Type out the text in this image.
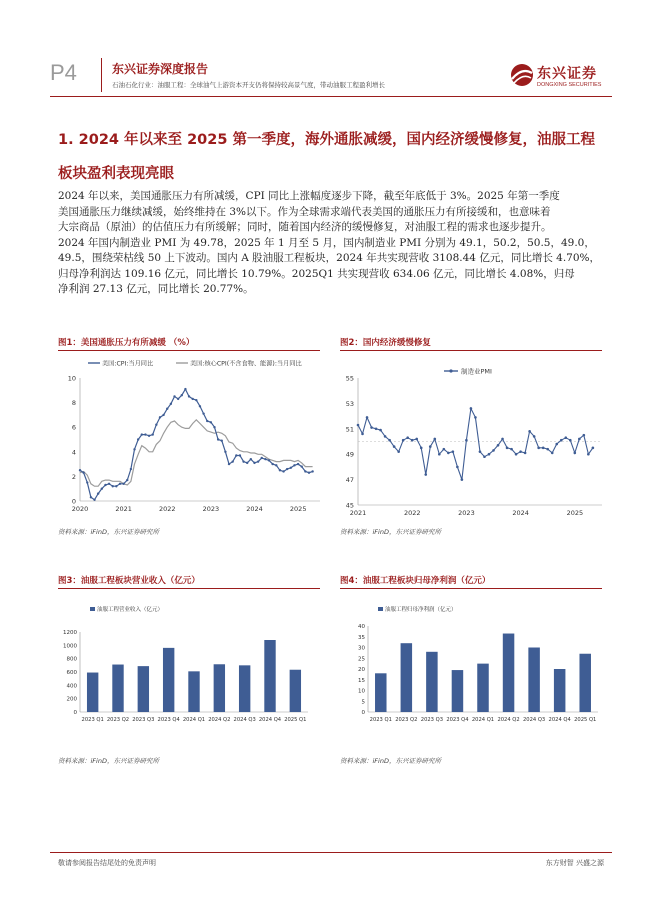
P4	东兴证券深度报告
石油石化行业：油服工程：全球油气上游资本开支仍将保持较高景气度，带动油服工程盈利增长
东兴证券
DONGXING SECURITIES
1. 2024 年以来至 2025 第一季度，海外通胀减缓，国内经济缓慢修复，油服工程
板块盈利表现亮眼
2024 年以来，美国通胀压力有所减缓，CPI 同比上涨幅度逐步下降，截至年底低于 3%。2025 年第一季度
美国通胀压力继续减缓，始终维持在 3%以下。作为全球需求端代表美国的通胀压力有所接缓和，也意味着
大宗商品（原油）的估值压力有所缓解；同时，随着国内经济的缓慢修复，对油服工程的需求也逐步提升。
2024 年国内制造业 PMI 为 49.78，2025 年 1 月至 5 月，国内制造业 PMI 分别为 49.1，50.2，50.5，49.0，
49.5，围绕荣枯线 50 上下波动。国内 A 股油服工程板块，2024 年共实现营收 3108.44 亿元，同比增长 4.70%，
归母净利润达 109.16 亿元，同比增长 10.79%。2025Q1 共实现营收 634.06 亿元，同比增长 4.08%，归母
净利润 27.13 亿元，同比增长 20.77%。
图1：美国通胀压力有所减缓 （%）
0
2
4
6
8
10
2020	2021	2022	2023	2024	2025
美国:CPI:当月同比	美国:核心CPI(不含食物、能源):当月同比
资料来源：iFinD，东兴证券研究所
图2：国内经济缓慢修复
45
47
49
51
53
55
2021	2022	2023	2024	2025
制造业PMI
资料来源：iFinD，东兴证券研究所
图3：油服工程板块营业收入（亿元）
0
200
400
600
800
1000
1200
油服工程营业收入（亿元）
2023 Q1 2023 Q2 2023 Q3 2023 Q4 2024 Q1 2024 Q2 2024 Q3 2024 Q4 2025 Q1
资料来源：iFinD，东兴证券研究所
图4：油服工程板块归母净利润（亿元）
0
5
10
15
20
25
30
35
40
油服工程归母净利润（亿元）
2023 Q1 2023 Q2 2023 Q3 2023 Q4 2024 Q1 2024 Q2 2024 Q3 2024 Q4 2025 Q1
资料来源：iFinD，东兴证券研究所
敬请参阅报告结尾处的免责声明	东方财智 兴盛之源
